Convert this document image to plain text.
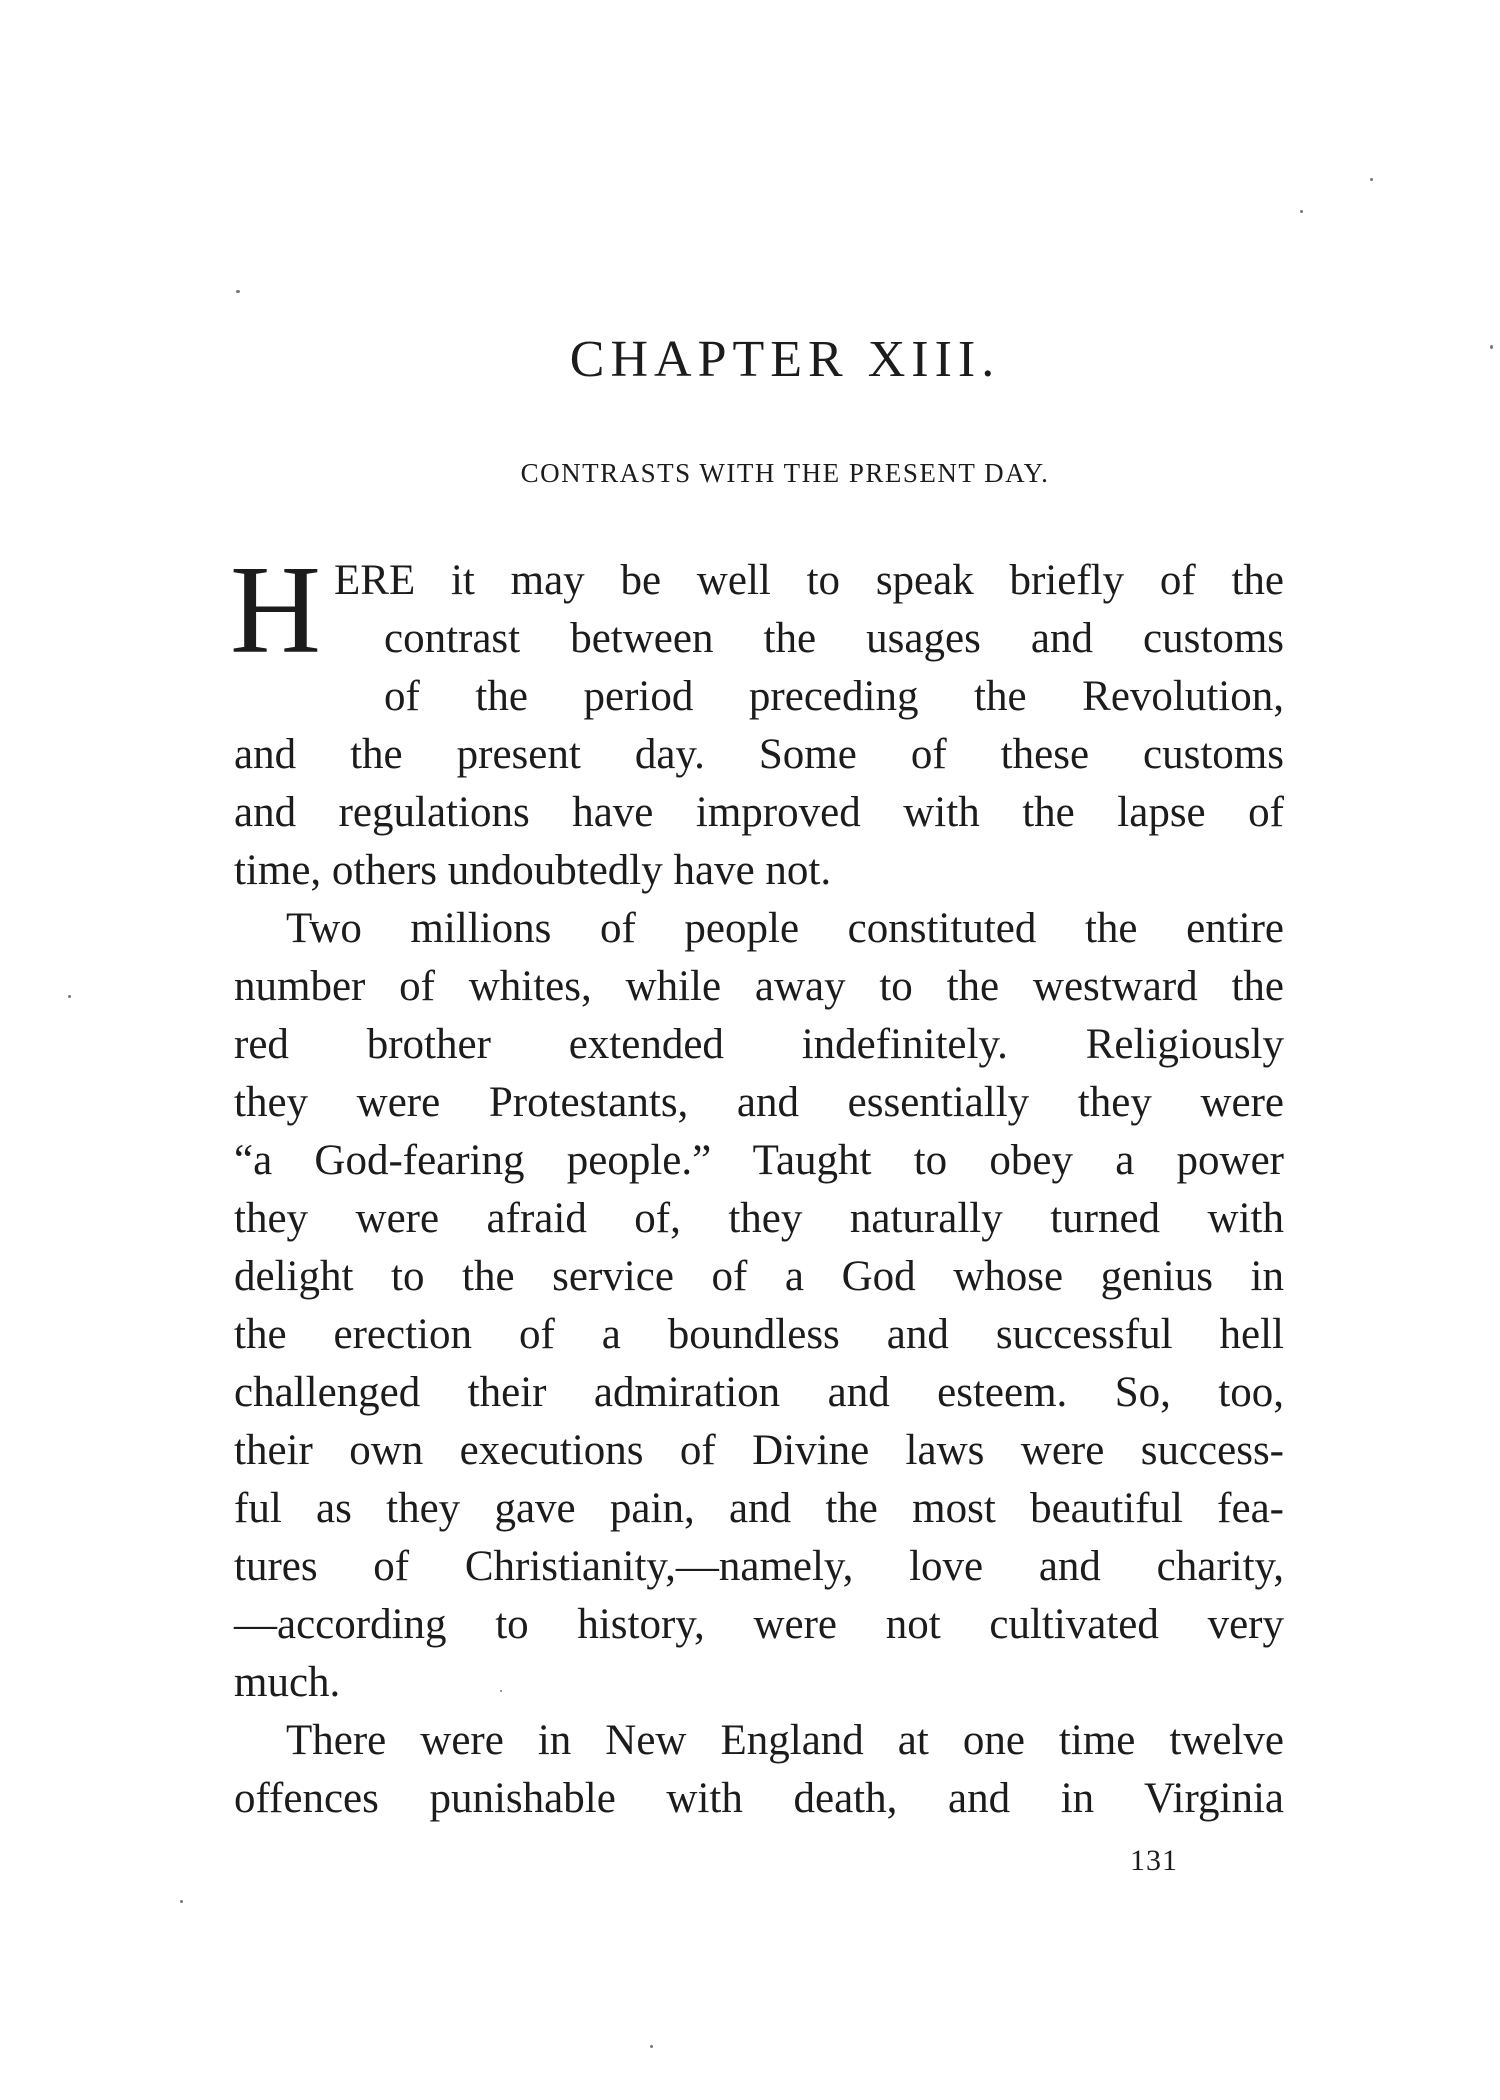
CHAPTER XIII.
CONTRASTS WITH THE PRESENT DAY.
H ERE it may be well to speak briefly of the
contrast between the usages and customs
of the period preceding the Revolution,
and the present day. Some of these customs
and regulations have improved with the lapse of
time, others undoubtedly have not.
Two millions of people constituted the entire
number of whites, while away to the westward the
red brother extended indefinitely. Religiously
they were Protestants, and essentially they were
“a God-fearing people.” Taught to obey a power
they were afraid of, they naturally turned with
delight to the service of a God whose genius in
the erection of a boundless and successful hell
challenged their admiration and esteem. So, too,
their own executions of Divine laws were success-
ful as they gave pain, and the most beautiful fea-
tures of Christianity,—namely, love and charity,
—according to history, were not cultivated very
much.
There were in New England at one time twelve
offences punishable with death, and in Virginia
131
